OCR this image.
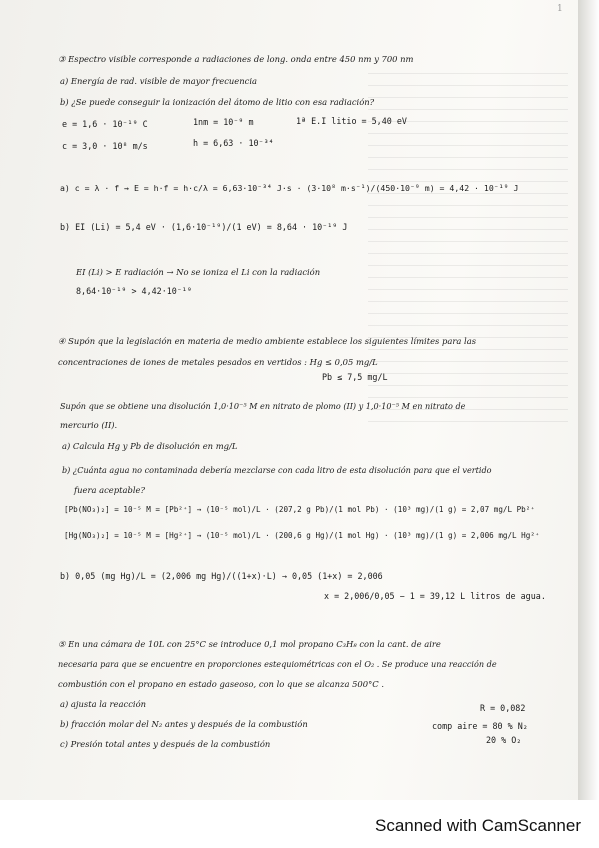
1
③ Espectro visible corresponde a radiaciones de long. onda entre 450 nm y 700 nm
a) Energía de rad. visible de mayor frecuencia
b) ¿Se puede conseguir la ionización del átomo de litio con esa radiación?
e = 1,6 · 10⁻¹⁹ C	1nm = 10⁻⁹ m	1ª E.I litio = 5,40 eV
c = 3,0 · 10⁸ m/s	h = 6,63 · 10⁻³⁴
a) c = λ · f → E = h·f = h·c/λ = 6,63·10⁻³⁴ J·s · (3·10⁸ m·s⁻¹)/(450·10⁻⁹ m) = 4,42 · 10⁻¹⁹ J
b) EI (Li) = 5,4 eV · (1,6·10⁻¹⁹)/(1 eV) = 8,64 · 10⁻¹⁹ J
EI (Li) > E radiación → No se ioniza el Li con la radiación
8,64·10⁻¹⁹ > 4,42·10⁻¹⁹
④ Supón que la legislación en materia de medio ambiente establece los siguientes límites para las
concentraciones de iones de metales pesados en vertidos : Hg ≤ 0,05 mg/L
Pb ≤ 7,5 mg/L
Supón que se obtiene una disolución 1,0·10⁻⁵ M en nitrato de plomo (II) y 1,0·10⁻⁵ M en nitrato de
mercurio (II).
a) Calcula Hg y Pb de disolución en mg/L
b) ¿Cuánta agua no contaminada debería mezclarse con cada litro de esta disolución para que el vertido
fuera aceptable?
[Pb(NO₃)₂] = 10⁻⁵ M = [Pb²⁺] → (10⁻⁵ mol)/L · (207,2 g Pb)/(1 mol Pb) · (10³ mg)/(1 g) = 2,07 mg/L Pb²⁺
[Hg(NO₃)₂] = 10⁻⁵ M = [Hg²⁺] → (10⁻⁵ mol)/L · (200,6 g Hg)/(1 mol Hg) · (10³ mg)/(1 g) = 2,006 mg/L Hg²⁺
b) 0,05 (mg Hg)/L = (2,006 mg Hg)/((1+x)·L) → 0,05 (1+x) = 2,006
x = 2,006/0,05 − 1 = 39,12 L litros de agua.
⑤ En una cámara de 10L con 25°C se introduce 0,1 mol propano C₃H₈ con la cant. de aire
necesaria para que se encuentre en proporciones estequiométricas con el O₂ . Se produce una reacción de
combustión con el propano en estado gaseoso, con lo que se alcanza 500°C .
a) ajusta la reacción
b) fracción molar del N₂ antes y después de la combustión
c) Presión total antes y después de la combustión
R = 0,082
comp aire = 80 % N₂
20 % O₂
Scanned with CamScanner
